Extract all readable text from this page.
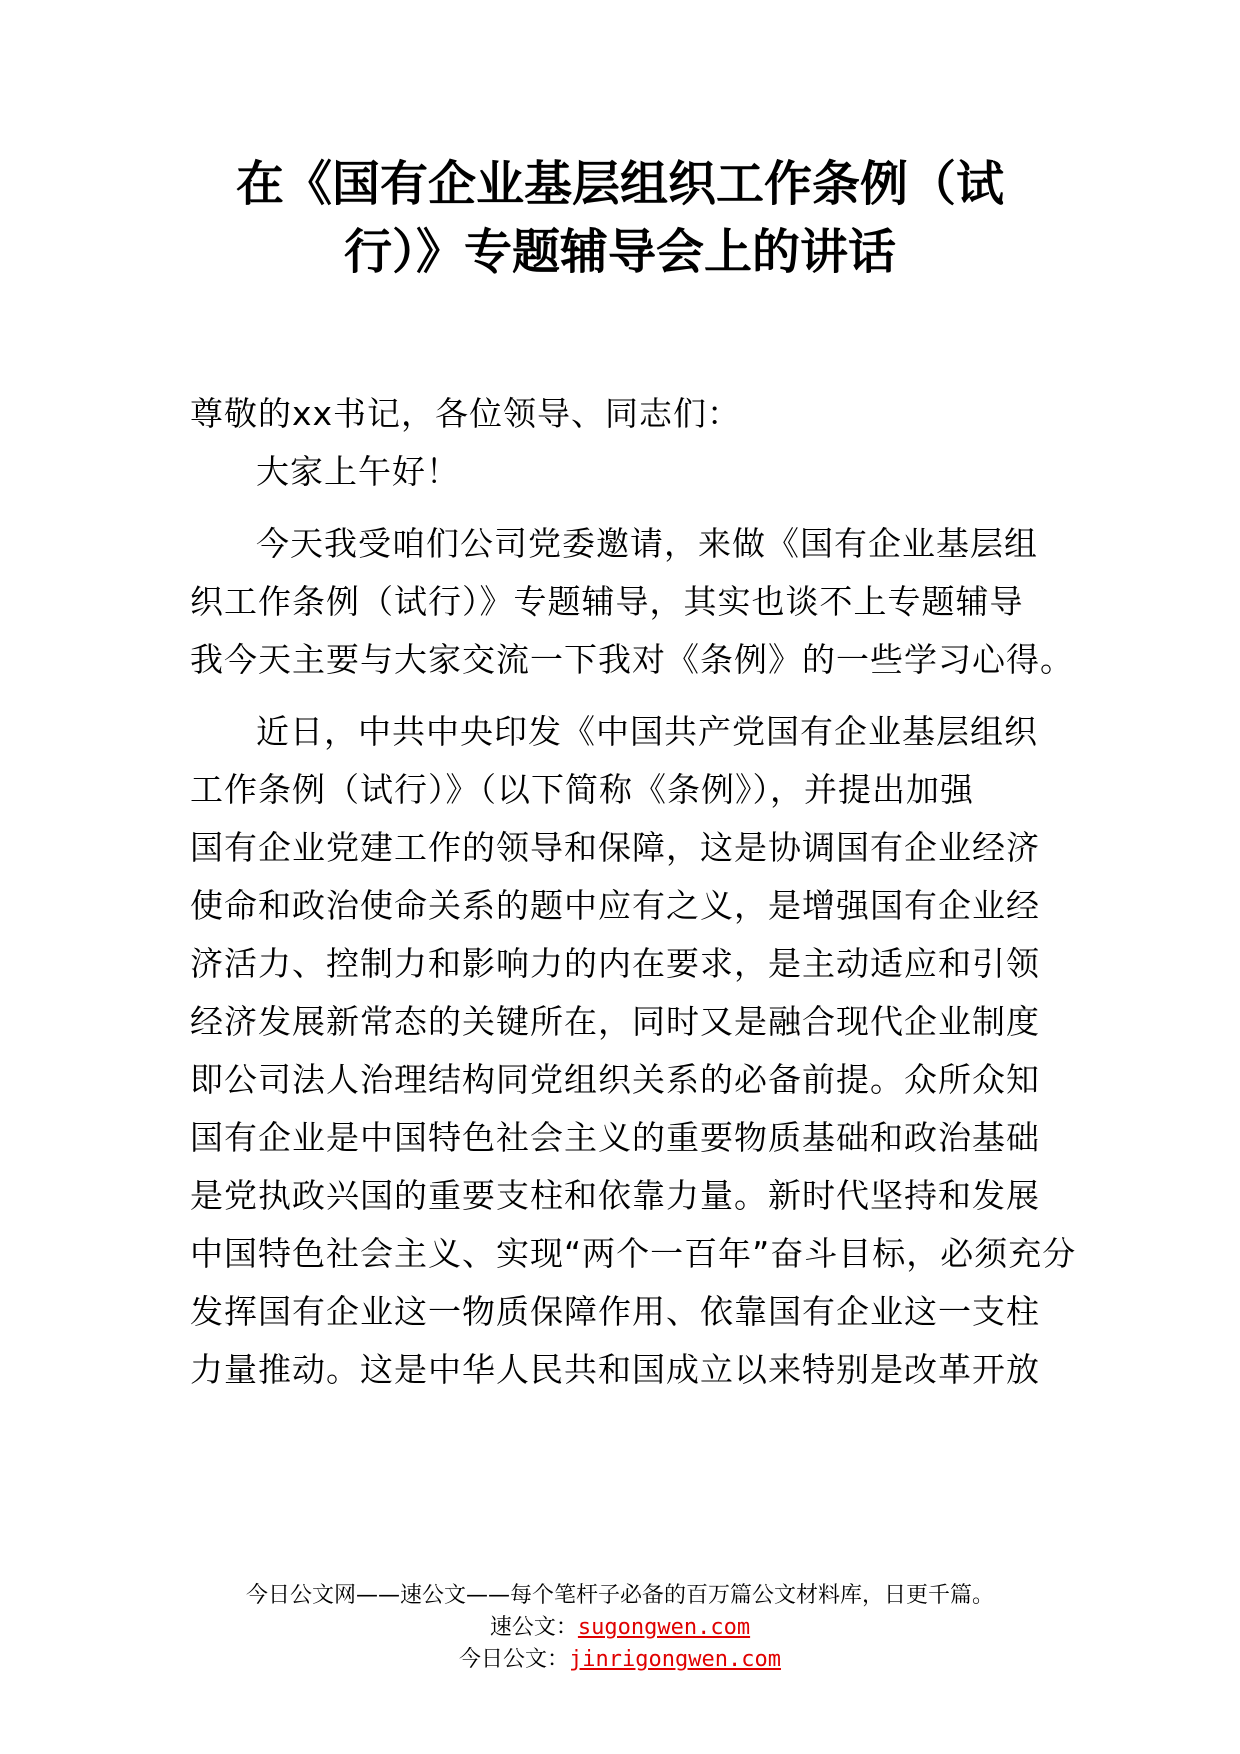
在《国有企业基层组织工作条例（试
行）》专题辅导会上的讲话
尊敬的xx书记，各位领导、同志们：
大家上午好！
今天我受咱们公司党委邀请，来做《国有企业基层组
织工作条例（试行）》专题辅导，其实也谈不上专题辅导
我今天主要与大家交流一下我对《条例》的一些学习心得。
近日，中共中央印发《中国共产党国有企业基层组织
工作条例（试行）》（以下简称《条例》），并提出加强
国有企业党建工作的领导和保障，这是协调国有企业经济
使命和政治使命关系的题中应有之义，是增强国有企业经
济活力、控制力和影响力的内在要求，是主动适应和引领
经济发展新常态的关键所在，同时又是融合现代企业制度
即公司法人治理结构同党组织关系的必备前提。众所众知
国有企业是中国特色社会主义的重要物质基础和政治基础
是党执政兴国的重要支柱和依靠力量。新时代坚持和发展
中国特色社会主义、实现“两个一百年”奋斗目标，必须充分
发挥国有企业这一物质保障作用、依靠国有企业这一支柱
力量推动。这是中华人民共和国成立以来特别是改革开放
今日公文网——速公文——每个笔杆子必备的百万篇公文材料库，日更千篇。
速公文：sugongwen.com
今日公文：jinrigongwen.com
